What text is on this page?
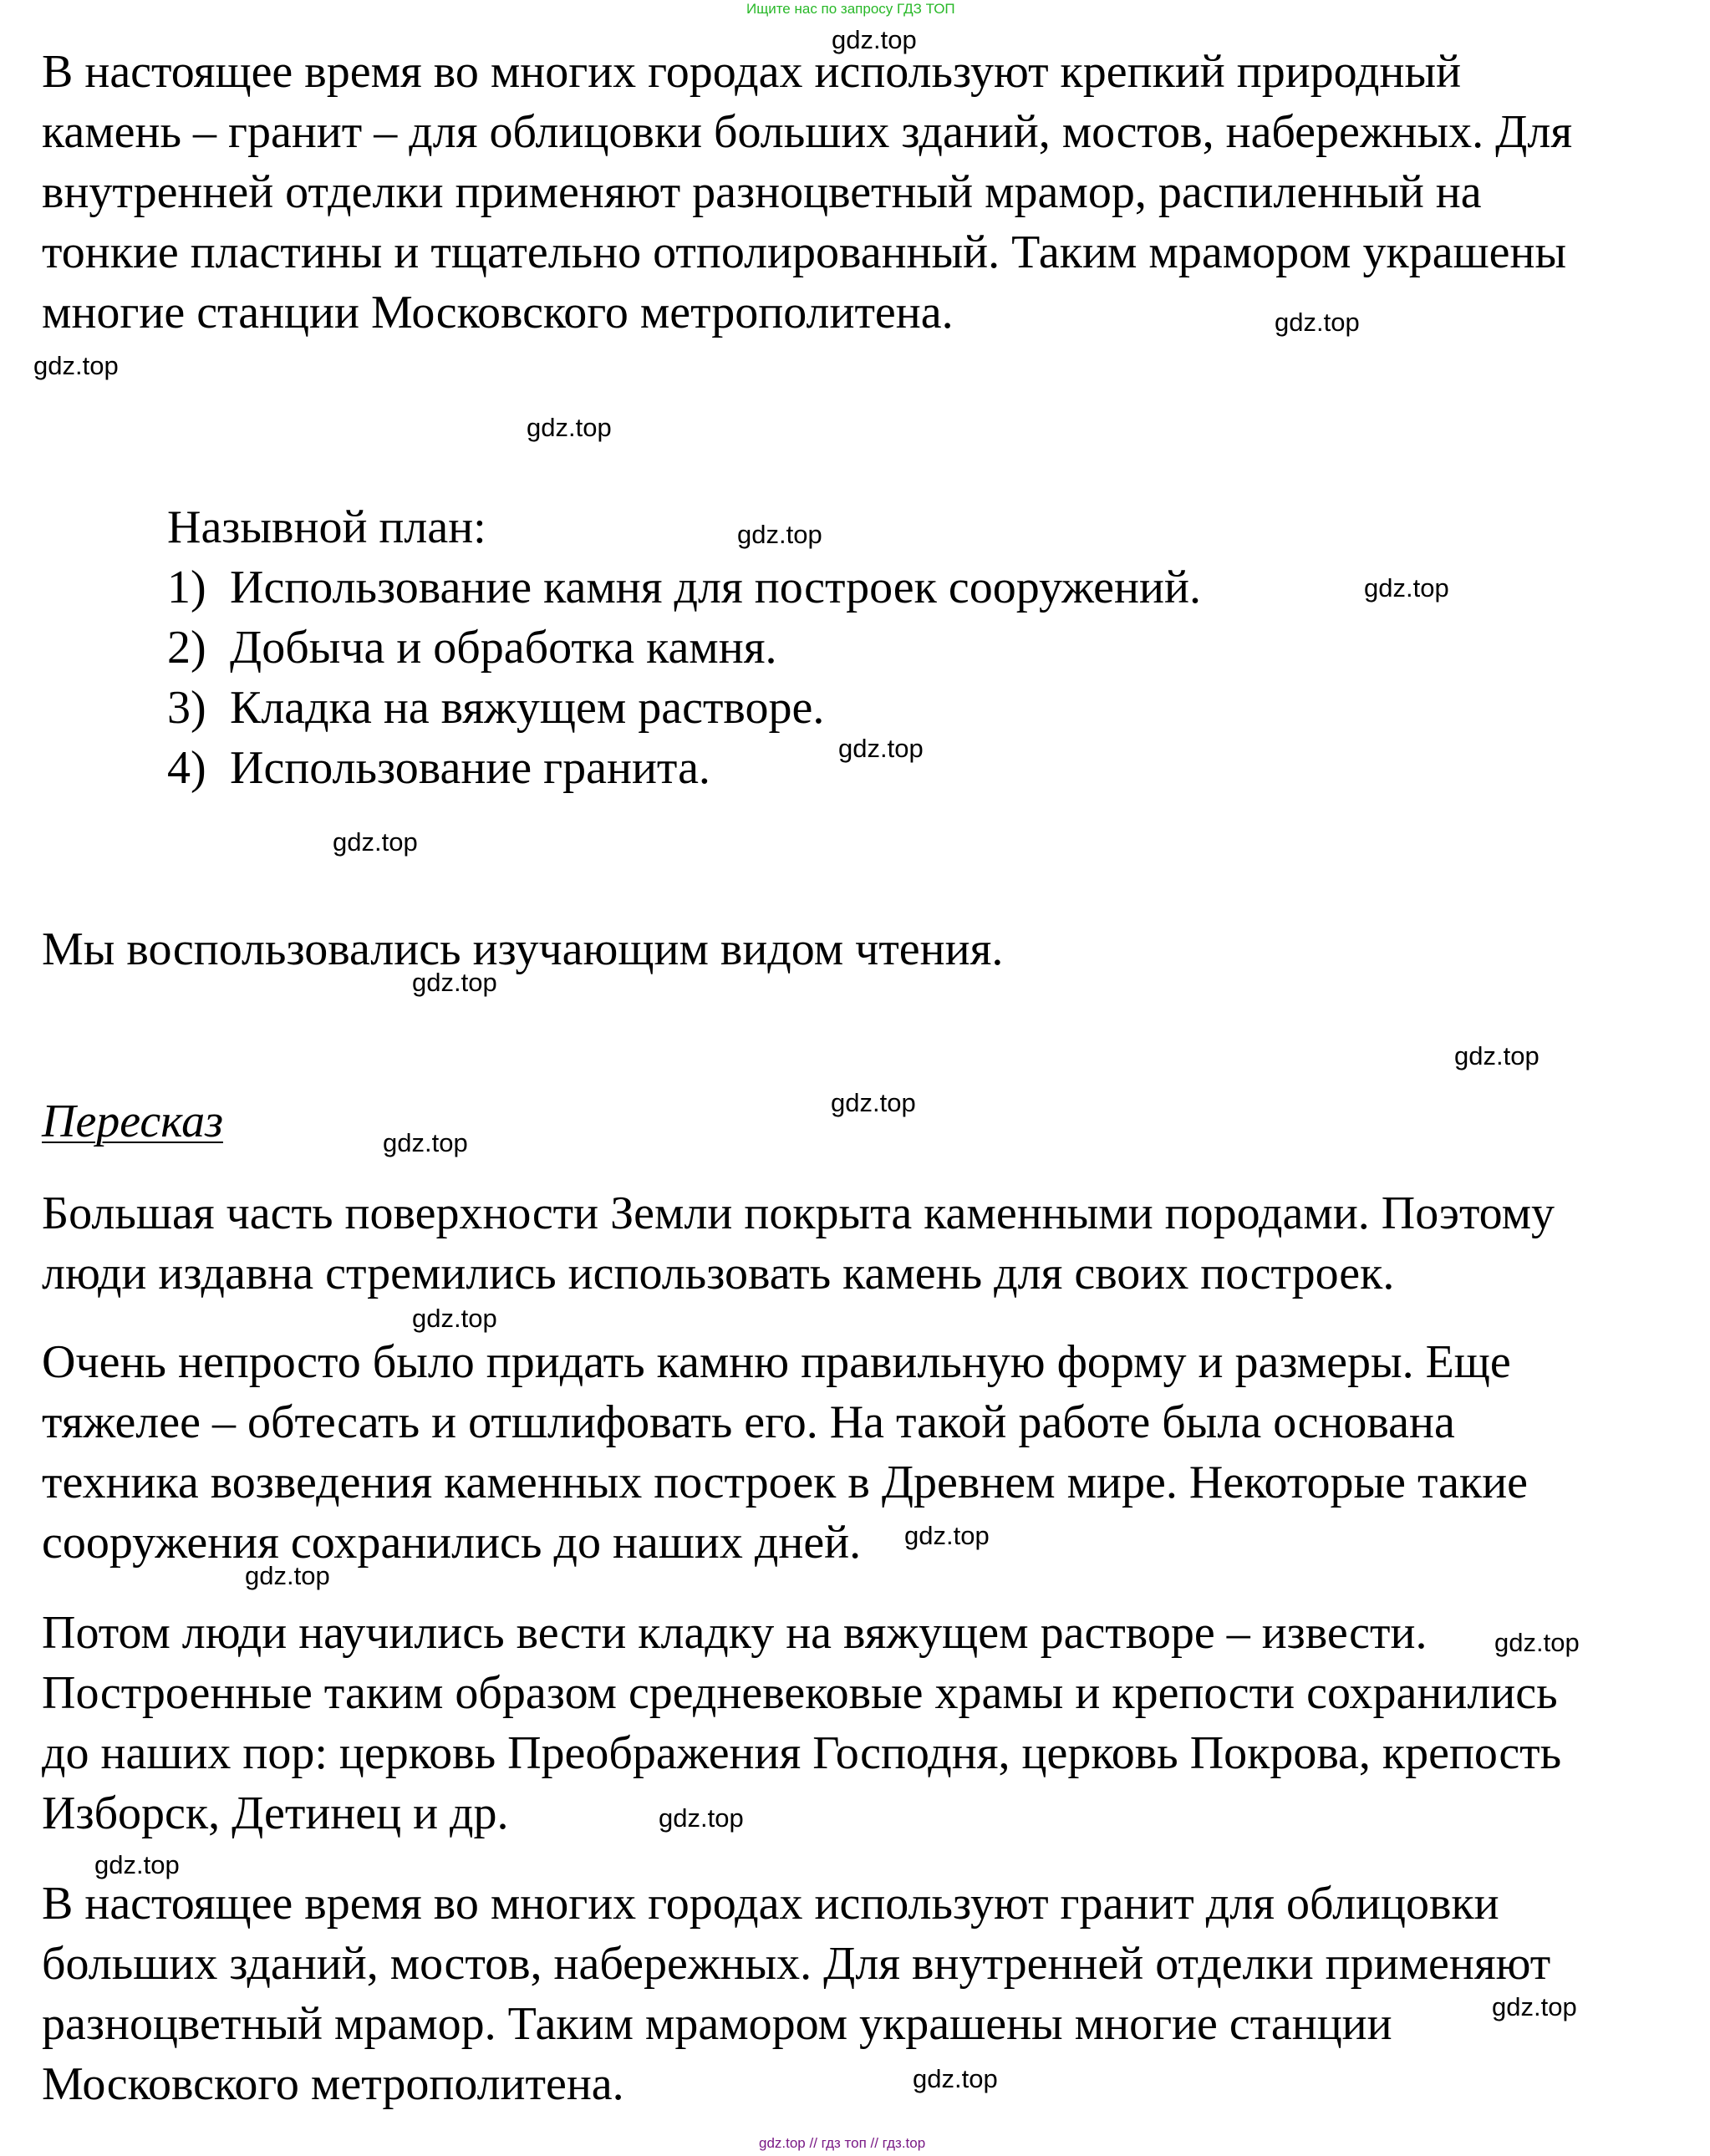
Ищите нас по запросу ГДЗ ТОП

В настоящее время во многих городах используют крепкий природный

камень – гранит – для облицовки больших зданий, мостов, набережных. Для

внутренней отделки применяют разноцветный мрамор, распиленный на

тонкие пластины и тщательно отполированный. Таким мрамором украшены

многие станции Московского метрополитена.

Назывной план:

1) Использование камня для построек сооружений.
2) Добыча и обработка камня.
3) Кладка на вяжущем растворе.
4) Использование гранита.

Мы воспользовались изучающим видом чтения.

Пересказ

Большая часть поверхности Земли покрыта каменными породами. Поэтому

люди издавна стремились использовать камень для своих построек.

Очень непросто было придать камню правильную форму и размеры. Еще

тяжелее – обтесать и отшлифовать его. На такой работе была основана

техника возведения каменных построек в Древнем мире. Некоторые такие

сооружения сохранились до наших дней.

Потом люди научились вести кладку на вяжущем растворе – извести.

Построенные таким образом средневековые храмы и крепости сохранились

до наших пор: церковь Преображения Господня, церковь Покрова, крепость

Изборск, Детинец и др.

В настоящее время во многих городах используют гранит для облицовки

больших зданий, мостов, набережных. Для внутренней отделки применяют

разноцветный мрамор. Таким мрамором украшены многие станции

Московского метрополитена.

gdz.top
gdz.top
gdz.top
gdz.top
gdz.top
gdz.top
gdz.top
gdz.top
gdz.top
gdz.top
gdz.top
gdz.top
gdz.top
gdz.top
gdz.top
gdz.top
gdz.top
gdz.top
gdz.top
gdz.top
gdz.top // гдз топ // гдз.top
